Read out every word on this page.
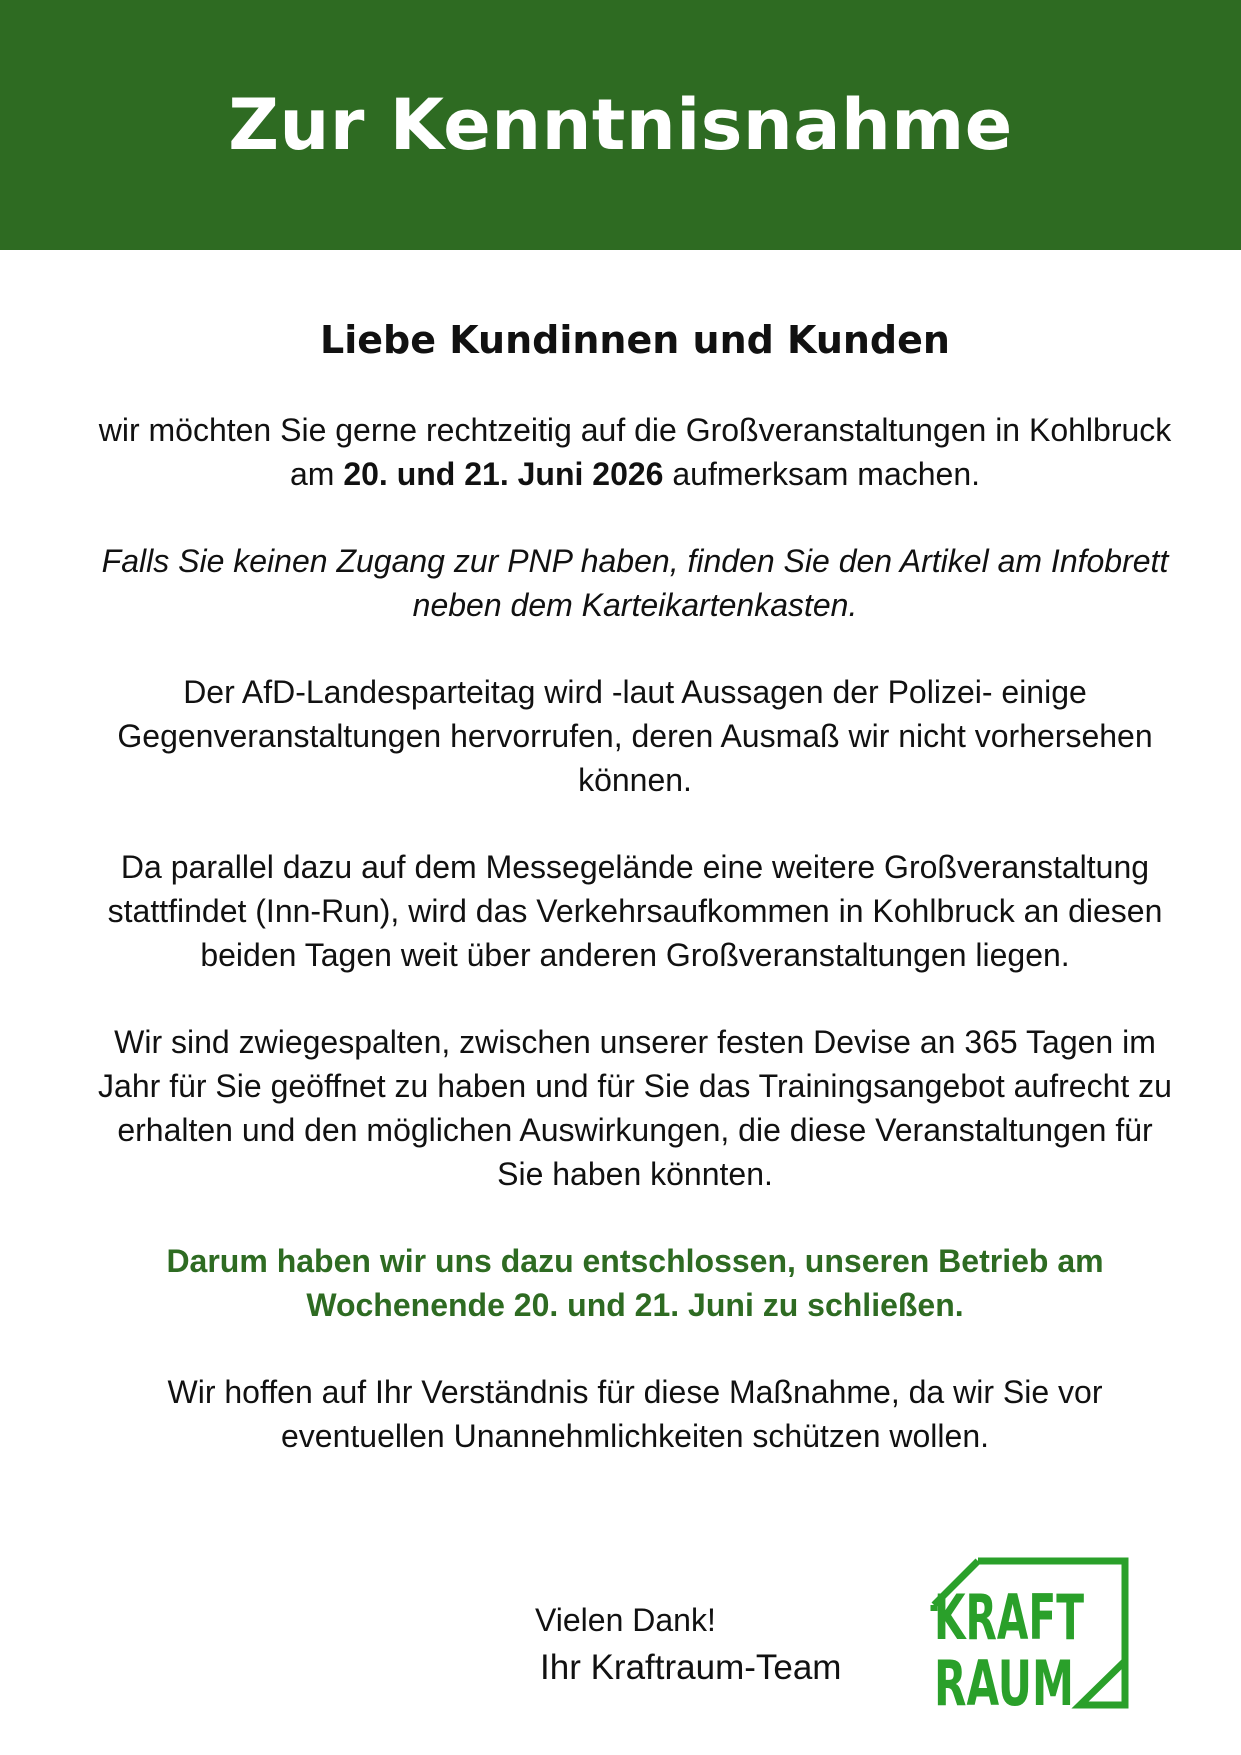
Zur Kenntnisnahme

Liebe Kundinnen und Kunden

wir möchten Sie gerne rechtzeitig auf die Großveranstaltungen in Kohlbruck am 20. und 21. Juni 2026 aufmerksam machen.

Falls Sie keinen Zugang zur PNP haben, finden Sie den Artikel am Infobrett neben dem Karteikartenkasten.

Der AfD-Landesparteitag wird -laut Aussagen der Polizei- einige Gegenveranstaltungen hervorrufen, deren Ausmaß wir nicht vorhersehen können.

Da parallel dazu auf dem Messegelände eine weitere Großveranstaltung stattfindet (Inn-Run), wird das Verkehrsaufkommen in Kohlbruck an diesen beiden Tagen weit über anderen Großveranstaltungen liegen.

Wir sind zwiegespalten, zwischen unserer festen Devise an 365 Tagen im Jahr für Sie geöffnet zu haben und für Sie das Trainingsangebot aufrecht zu erhalten und den möglichen Auswirkungen, die diese Veranstaltungen für Sie haben könnten.

Darum haben wir uns dazu entschlossen, unseren Betrieb am Wochenende 20. und 21. Juni zu schließen.

Wir hoffen auf Ihr Verständnis für diese Maßnahme, da wir Sie vor eventuellen Unannehmlichkeiten schützen wollen.

Vielen Dank!
Ihr Kraftraum-Team
KRAFT
RAUM
